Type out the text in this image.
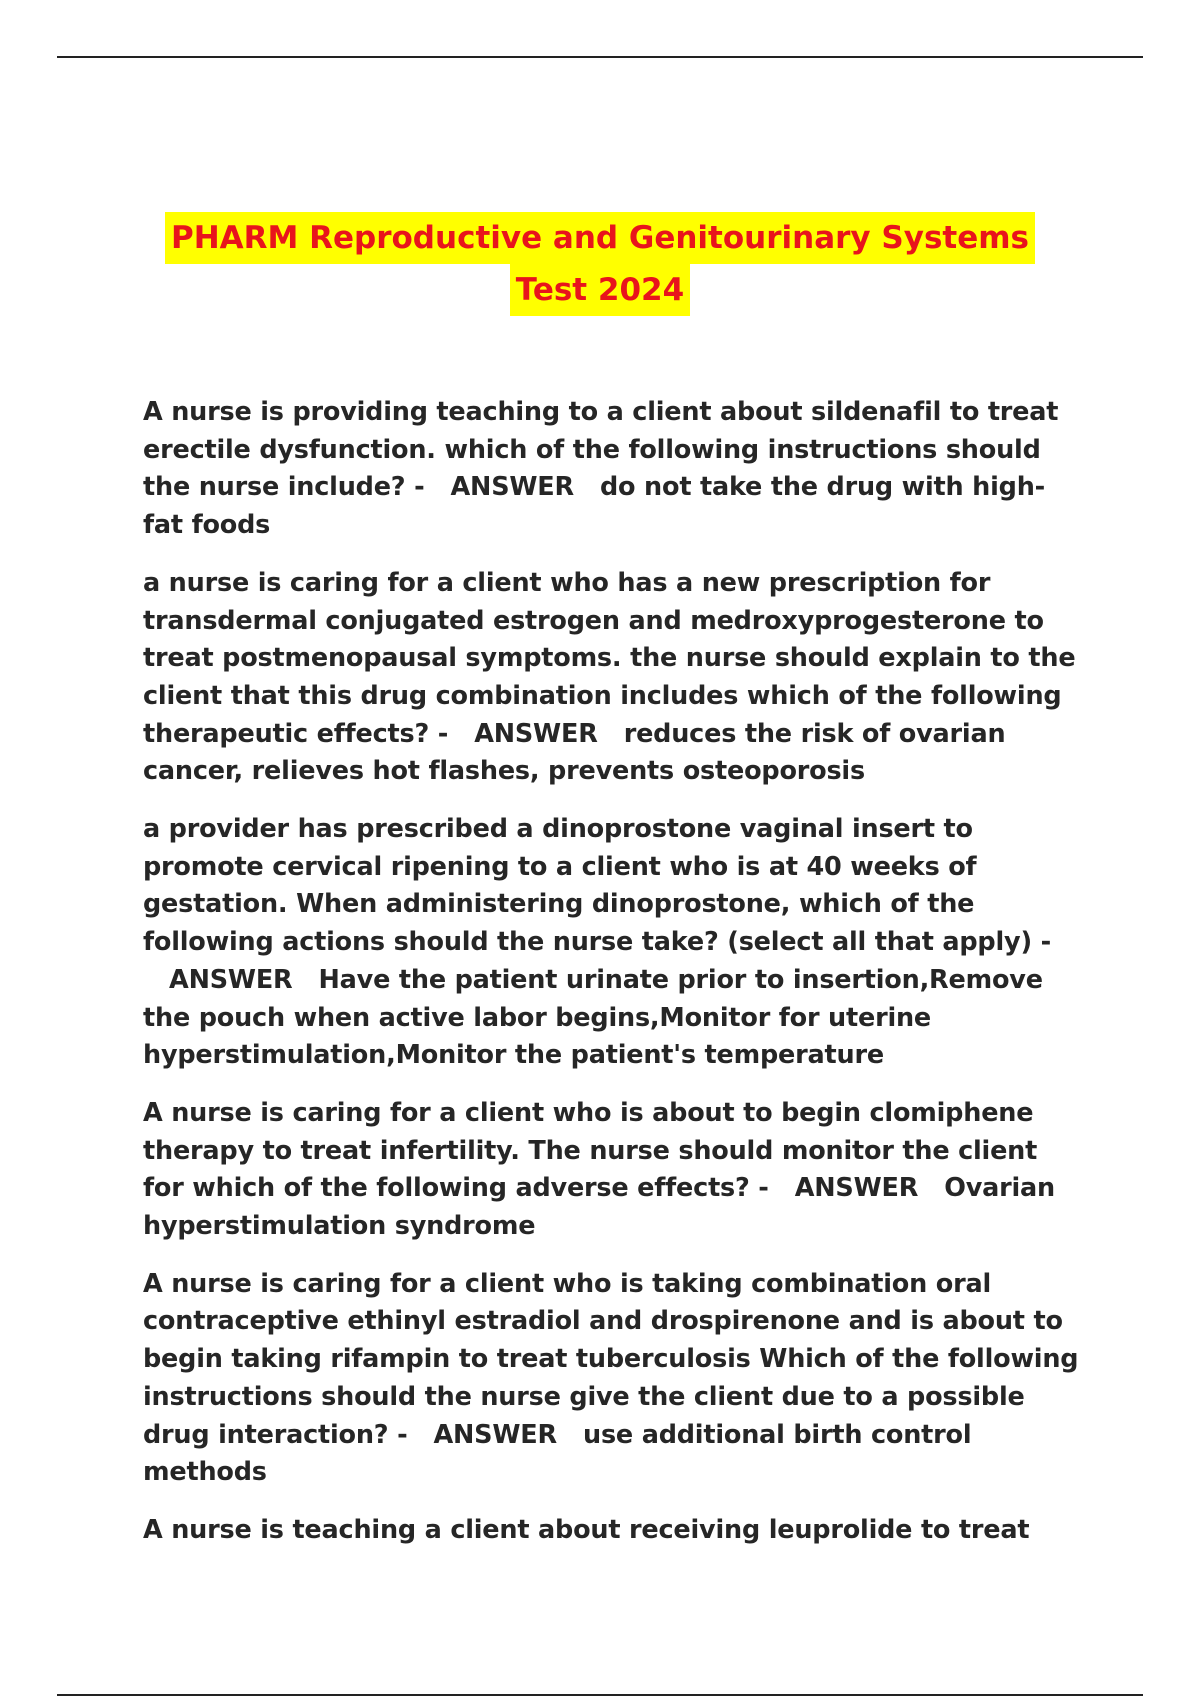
PHARM Reproductive and Genitourinary Systems
Test 2024

A nurse is providing teaching to a client about sildenafil to treat erectile dysfunction. which of the following instructions should the nurse include? - ANSWER do not take the drug with high-fat foods

a nurse is caring for a client who has a new prescription for transdermal conjugated estrogen and medroxyprogesterone to treat postmenopausal symptoms. the nurse should explain to the client that this drug combination includes which of the following therapeutic effects? - ANSWER reduces the risk of ovarian cancer, relieves hot flashes, prevents osteoporosis

a provider has prescribed a dinoprostone vaginal insert to promote cervical ripening to a client who is at 40 weeks of gestation. When administering dinoprostone, which of the following actions should the nurse take? (select all that apply) -   ANSWER Have the patient urinate prior to insertion,Remove the pouch when active labor begins,Monitor for uterine hyperstimulation,Monitor the patient's temperature

A nurse is caring for a client who is about to begin clomiphene therapy to treat infertility. The nurse should monitor the client for which of the following adverse effects? - ANSWER Ovarian hyperstimulation syndrome

A nurse is caring for a client who is taking combination oral contraceptive ethinyl estradiol and drospirenone and is about to begin taking rifampin to treat tuberculosis Which of the following instructions should the nurse give the client due to a possible drug interaction? - ANSWER use additional birth control methods

A nurse is teaching a client about receiving leuprolide to treat
